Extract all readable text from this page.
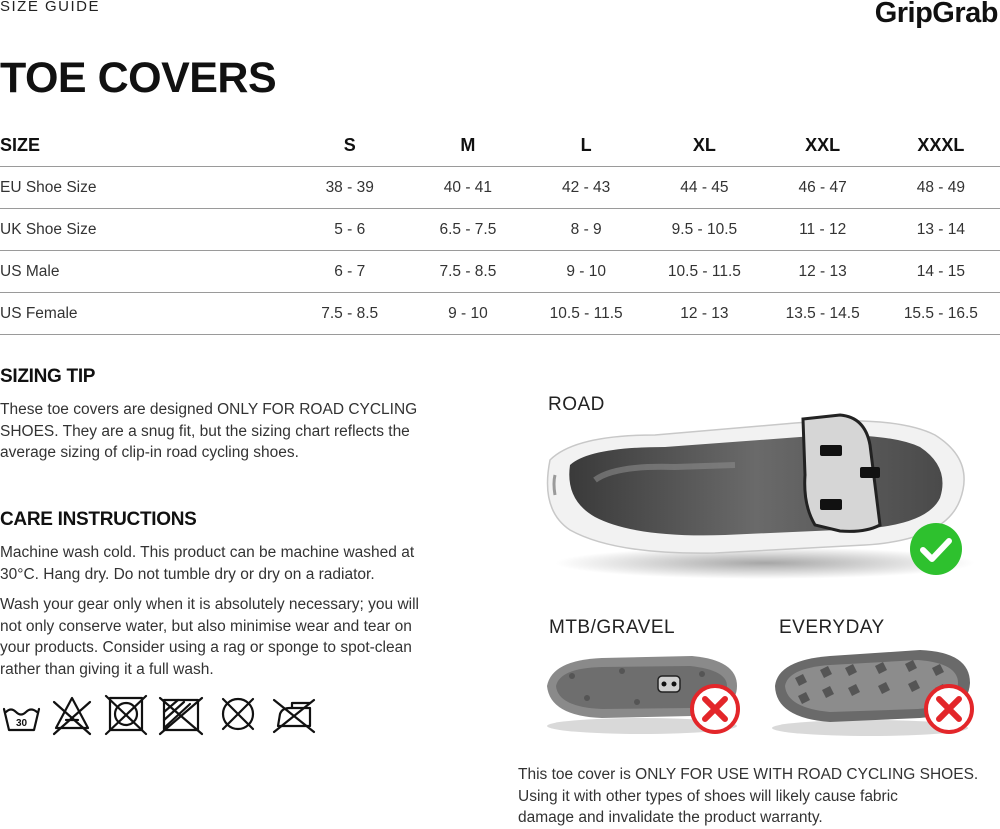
SIZE GUIDE	GripGrab
TOE COVERS
SIZE	S	M	L	XL	XXL	XXXL
EU Shoe Size	38 - 39	40 - 41	42 - 43	44 - 45	46 - 47	48 - 49
UK Shoe Size	5 - 6	6.5 - 7.5	8 - 9	9.5 - 10.5	11 - 12	13 - 14
US Male	6 - 7	7.5 - 8.5	9 - 10	10.5 - 11.5	12 - 13	14 - 15
US Female	7.5 - 8.5	9 - 10	10.5 - 11.5	12 - 13	13.5 - 14.5	15.5 - 16.5
SIZING TIP
These toe covers are designed ONLY FOR ROAD CYCLING
SHOES. They are a snug fit, but the sizing chart reflects the
average sizing of clip-in road cycling shoes.
CARE INSTRUCTIONS
Machine wash cold. This product can be machine washed at
30°C. Hang dry. Do not tumble dry or dry on a radiator.
Wash your gear only when it is absolutely necessary; you will
not only conserve water, but also minimise wear and tear on
your products. Consider using a rag or sponge to spot-clean
rather than giving it a full wash.
30
ROAD
MTB/GRAVEL	EVERYDAY
This toe cover is ONLY FOR USE WITH ROAD CYCLING SHOES.
Using it with other types of shoes will likely cause fabric
damage and invalidate the product warranty.
